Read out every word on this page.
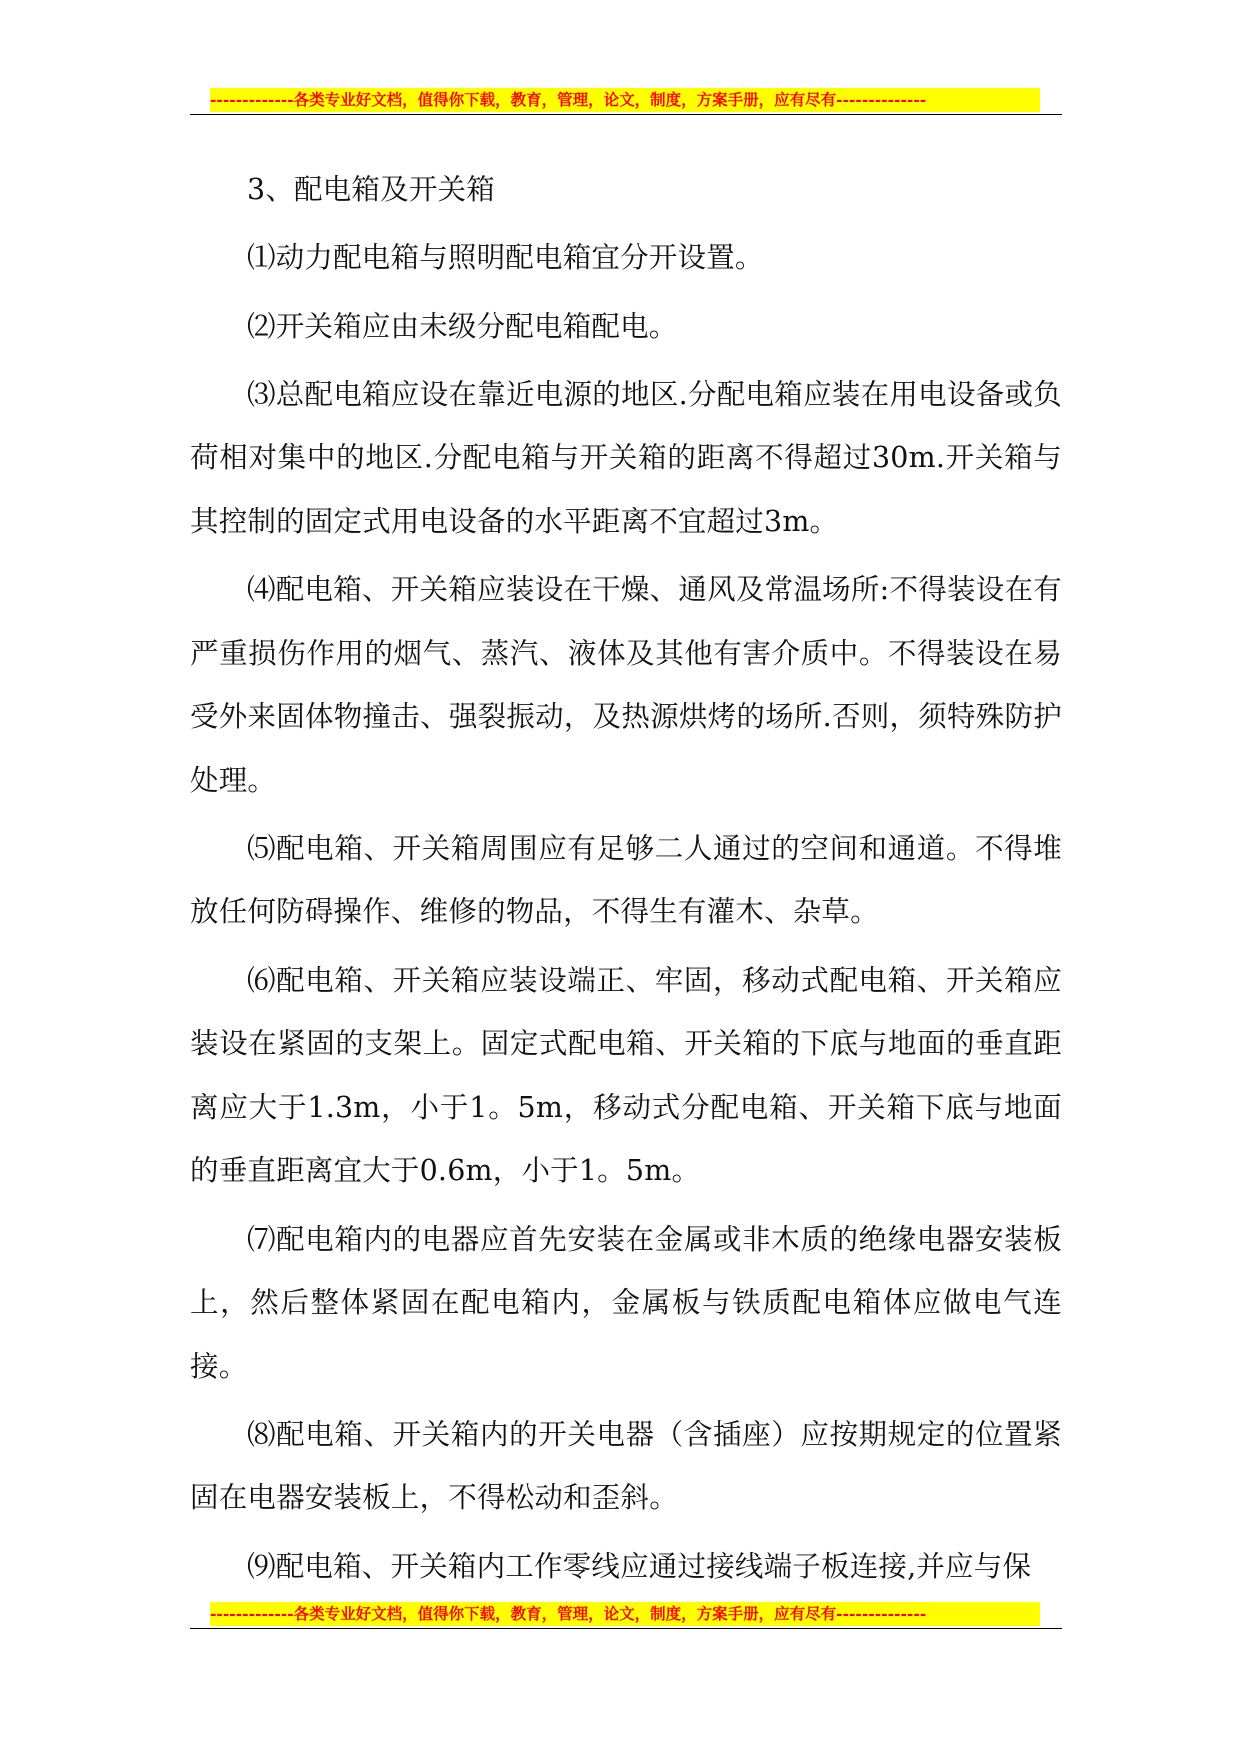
-------------各类专业好文档，值得你下载，教育，管理，论文，制度，方案手册，应有尽有--------------

3、配电箱及开关箱

⑴动力配电箱与照明配电箱宜分开设置。

⑵开关箱应由未级分配电箱配电。

⑶总配电箱应设在靠近电源的地区.分配电箱应装在用电设备或负荷相对集中的地区.分配电箱与开关箱的距离不得超过30m.开关箱与其控制的固定式用电设备的水平距离不宜超过3m。

⑷配电箱、开关箱应装设在干燥、通风及常温场所:不得装设在有严重损伤作用的烟气、蒸汽、液体及其他有害介质中。不得装设在易受外来固体物撞击、强裂振动，及热源烘烤的场所.否则，须特殊防护处理。

⑸配电箱、开关箱周围应有足够二人通过的空间和通道。不得堆放任何防碍操作、维修的物品，不得生有灌木、杂草。

⑹配电箱、开关箱应装设端正、牢固，移动式配电箱、开关箱应装设在紧固的支架上。固定式配电箱、开关箱的下底与地面的垂直距离应大于1.3m，小于1。5m，移动式分配电箱、开关箱下底与地面的垂直距离宜大于0.6m，小于1。5m。

⑺配电箱内的电器应首先安装在金属或非木质的绝缘电器安装板上，然后整体紧固在配电箱内，金属板与铁质配电箱体应做电气连接。

⑻配电箱、开关箱内的开关电器（含插座）应按期规定的位置紧固在电器安装板上，不得松动和歪斜。

⑼配电箱、开关箱内工作零线应通过接线端子板连接,并应与保

-------------各类专业好文档，值得你下载，教育，管理，论文，制度，方案手册，应有尽有--------------
